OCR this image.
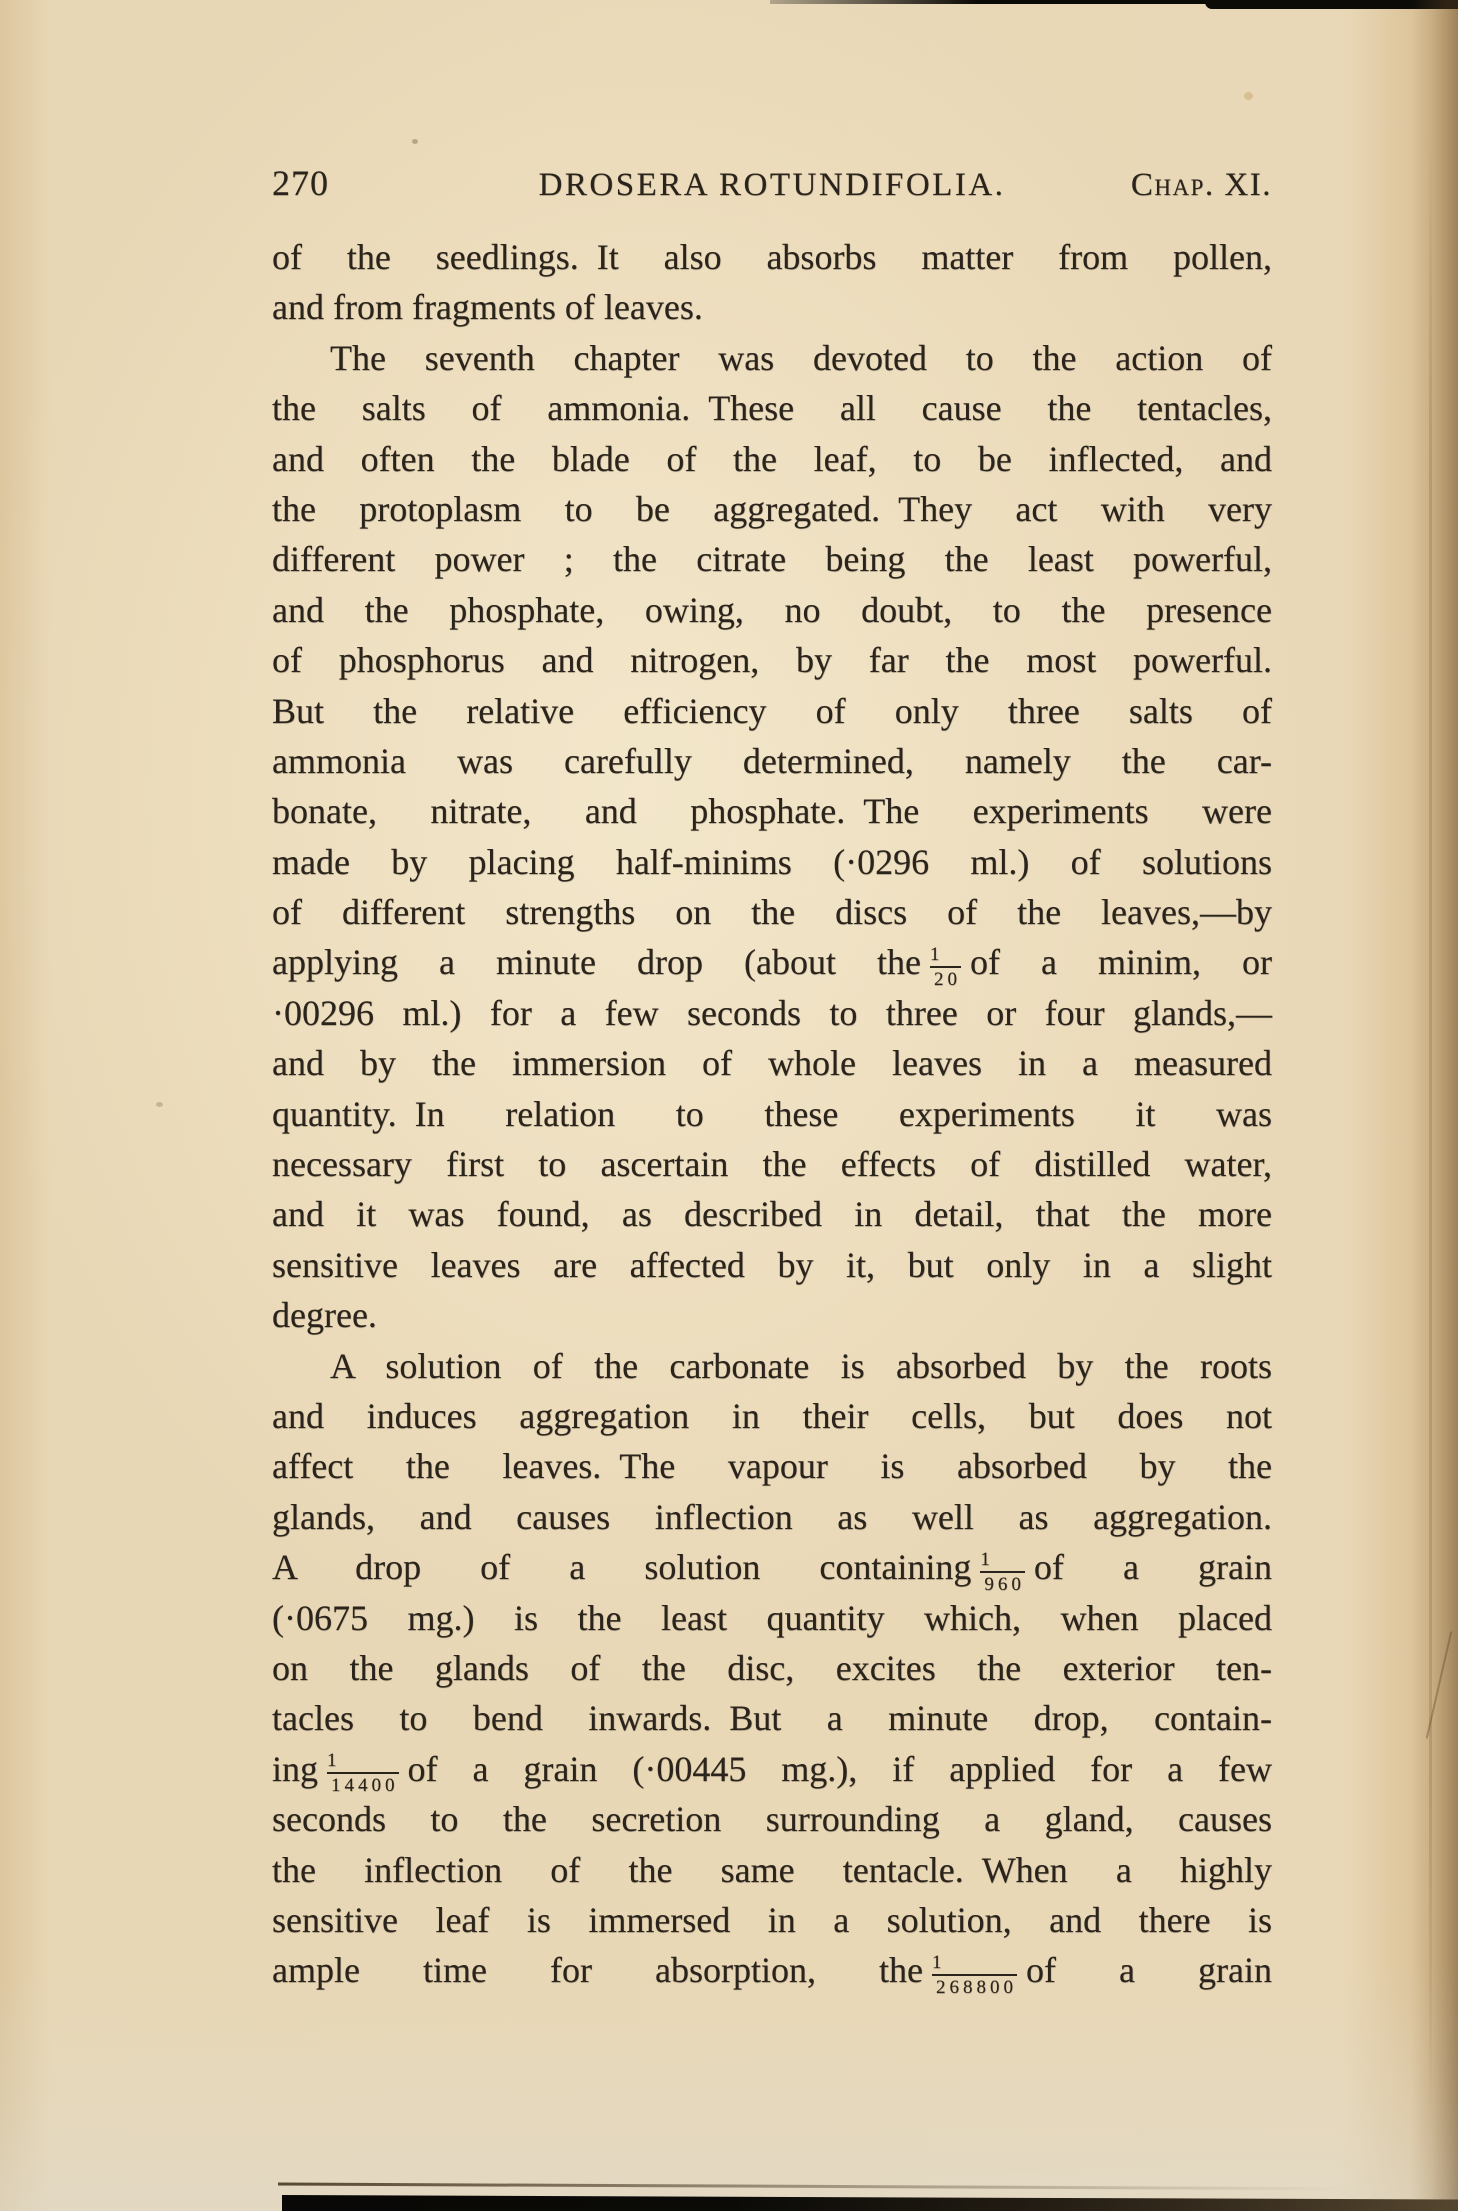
270	DROSERA ROTUNDIFOLIA.	Chap. XI.
of the seedlings. It also absorbs matter from pollen,
and from fragments of leaves.
The seventh chapter was devoted to the action of
the salts of ammonia. These all cause the tentacles,
and often the blade of the leaf, to be inflected, and
the protoplasm to be aggregated. They act with very
different power ; the citrate being the least powerful,
and the phosphate, owing, no doubt, to the presence
of phosphorus and nitrogen, by far the most powerful.
But the relative efficiency of only three salts of
ammonia was carefully determined, namely the car-
bonate, nitrate, and phosphate. The experiments were
made by placing half-minims (·0296 ml.) of solutions
of different strengths on the discs of the leaves,—by
applying a minute drop (about the $\frac{1}{20}$ of a minim, or
·00296 ml.) for a few seconds to three or four glands,—
and by the immersion of whole leaves in a measured
quantity. In relation to these experiments it was
necessary first to ascertain the effects of distilled water,
and it was found, as described in detail, that the more
sensitive leaves are affected by it, but only in a slight
degree.
A solution of the carbonate is absorbed by the roots
and induces aggregation in their cells, but does not
affect the leaves. The vapour is absorbed by the
glands, and causes inflection as well as aggregation.
A drop of a solution containing $\frac{1}{960}$ of a grain
(·0675 mg.) is the least quantity which, when placed
on the glands of the disc, excites the exterior ten-
tacles to bend inwards. But a minute drop, contain-
ing $\frac{1}{14400}$ of a grain (·00445 mg.), if applied for a few
seconds to the secretion surrounding a gland, causes
the inflection of the same tentacle. When a highly
sensitive leaf is immersed in a solution, and there is
ample time for absorption, the $\frac{1}{268800}$ of a grain
